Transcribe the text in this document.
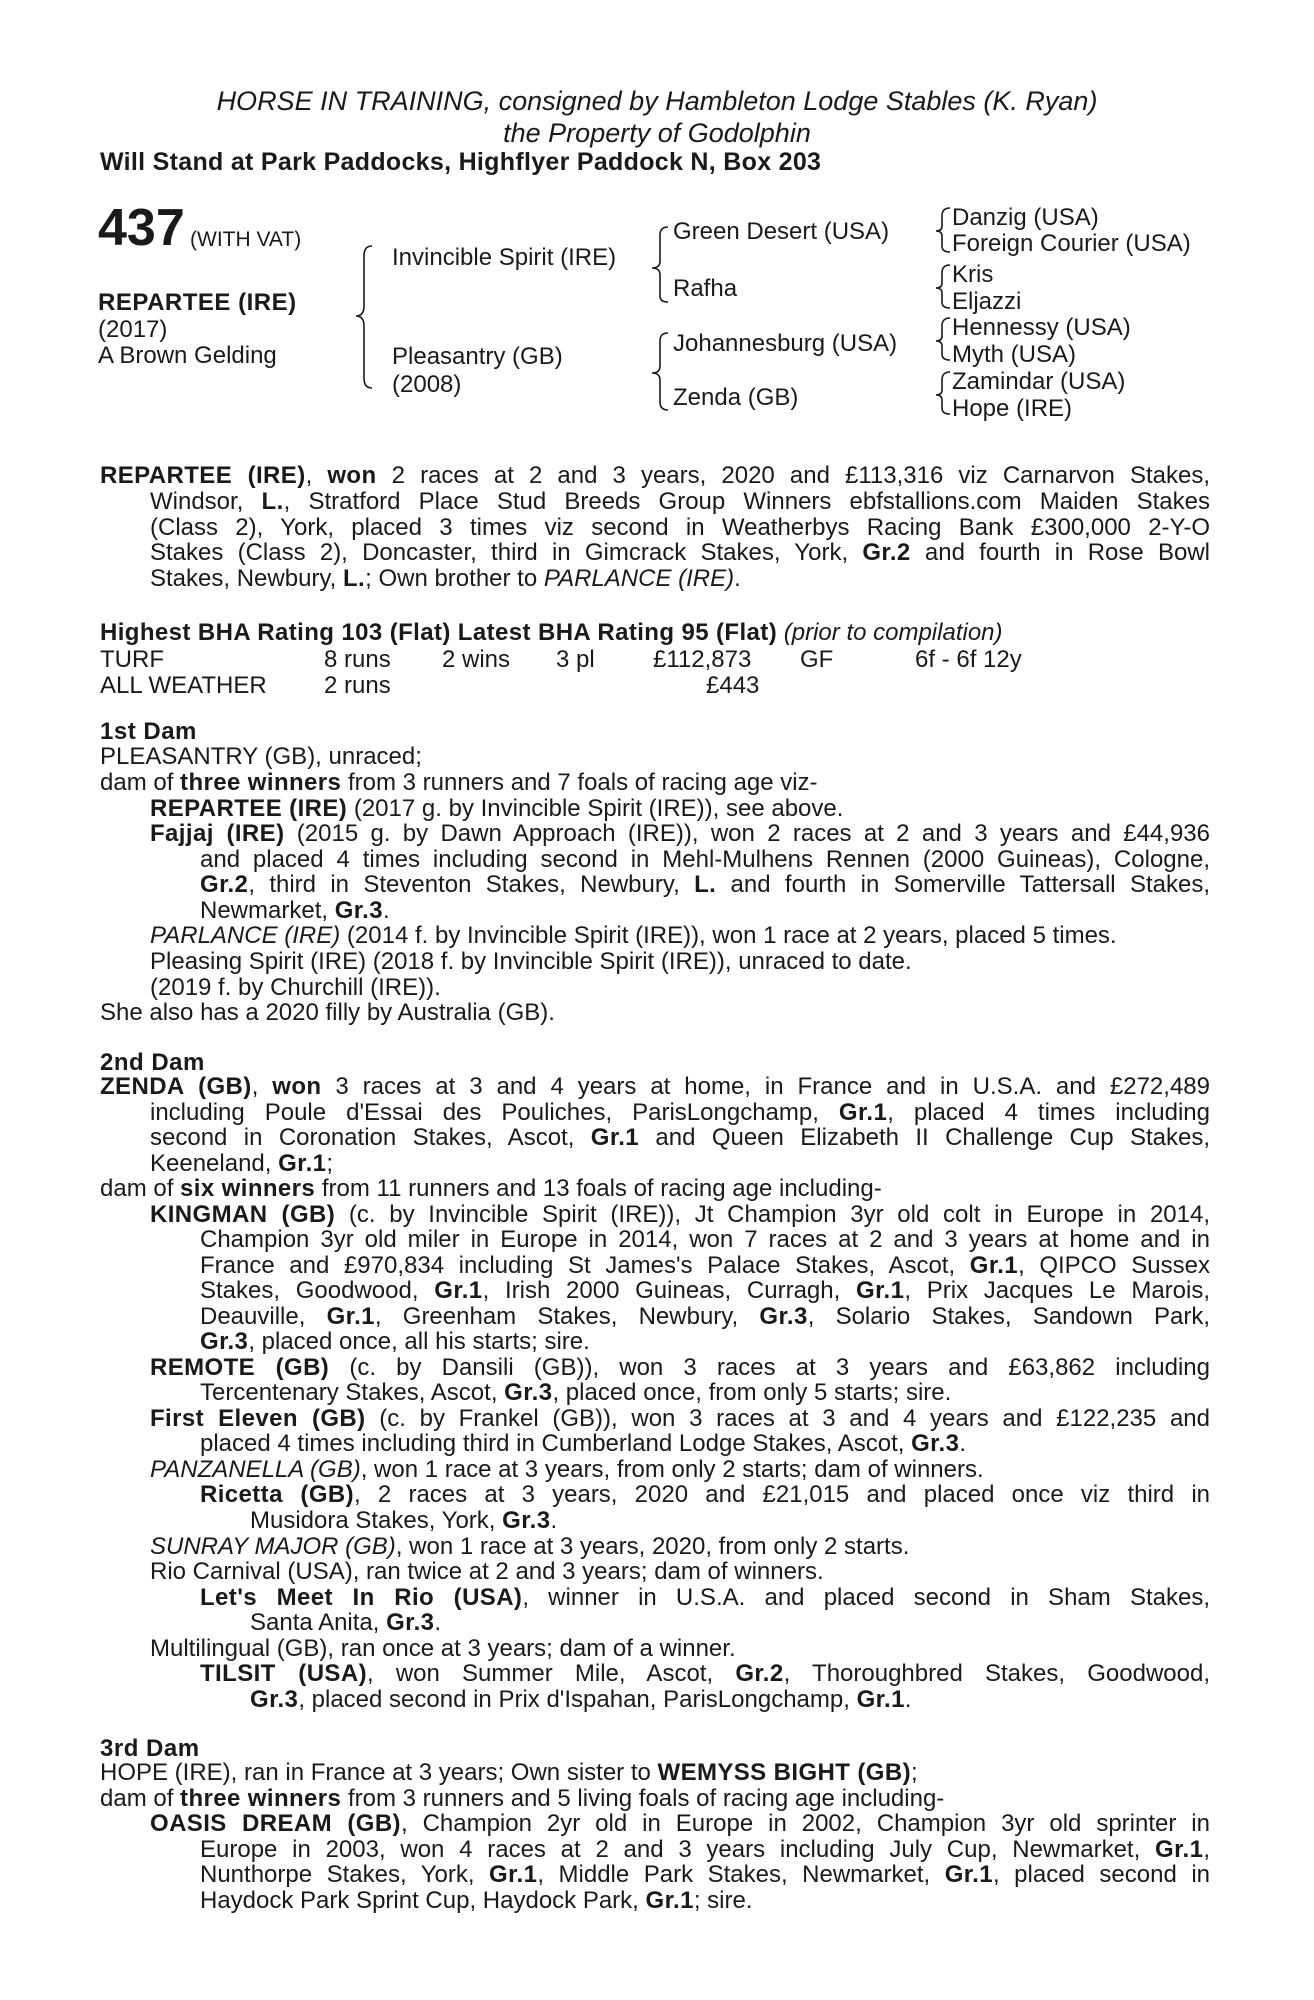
HORSE IN TRAINING, consigned by Hambleton Lodge Stables (K. Ryan)
the Property of Godolphin
Will Stand at Park Paddocks, Highflyer Paddock N, Box 203
437 (WITH VAT)
REPARTEE (IRE)
(2017)
A Brown Gelding
Invincible Spirit (IRE)
Pleasantry (GB)
(2008)
Green Desert (USA)
Rafha
Johannesburg (USA)
Zenda (GB)
Danzig (USA)
Foreign Courier (USA)
Kris
Eljazzi
Hennessy (USA)
Myth (USA)
Zamindar (USA)
Hope (IRE)
REPARTEE (IRE), won 2 races at 2 and 3 years, 2020 and £113,316 viz Carnarvon Stakes,
Windsor, L., Stratford Place Stud Breeds Group Winners ebfstallions.com Maiden Stakes
(Class 2), York, placed 3 times viz second in Weatherbys Racing Bank £300,000 2-Y-O
Stakes (Class 2), Doncaster, third in Gimcrack Stakes, York, Gr.2 and fourth in Rose Bowl
Stakes, Newbury, L.; Own brother to PARLANCE (IRE).
Highest BHA Rating 103 (Flat) Latest BHA Rating 95 (Flat) (prior to compilation)
TURF	8 runs 2 wins 3 pl £112,873 GF	6f - 6f 12y
ALL WEATHER 2 runs	£443
1st Dam
PLEASANTRY (GB), unraced;
dam of three winners from 3 runners and 7 foals of racing age viz-
REPARTEE (IRE) (2017 g. by Invincible Spirit (IRE)), see above.
Fajjaj (IRE) (2015 g. by Dawn Approach (IRE)), won 2 races at 2 and 3 years and £44,936
and placed 4 times including second in Mehl-Mulhens Rennen (2000 Guineas), Cologne,
Gr.2, third in Steventon Stakes, Newbury, L. and fourth in Somerville Tattersall Stakes,
Newmarket, Gr.3.
PARLANCE (IRE) (2014 f. by Invincible Spirit (IRE)), won 1 race at 2 years, placed 5 times.
Pleasing Spirit (IRE) (2018 f. by Invincible Spirit (IRE)), unraced to date.
(2019 f. by Churchill (IRE)).
She also has a 2020 filly by Australia (GB).
2nd Dam
ZENDA (GB), won 3 races at 3 and 4 years at home, in France and in U.S.A. and £272,489
including Poule d'Essai des Pouliches, ParisLongchamp, Gr.1, placed 4 times including
second in Coronation Stakes, Ascot, Gr.1 and Queen Elizabeth II Challenge Cup Stakes,
Keeneland, Gr.1;
dam of six winners from 11 runners and 13 foals of racing age including-
KINGMAN (GB) (c. by Invincible Spirit (IRE)), Jt Champion 3yr old colt in Europe in 2014,
Champion 3yr old miler in Europe in 2014, won 7 races at 2 and 3 years at home and in
France and £970,834 including St James's Palace Stakes, Ascot, Gr.1, QIPCO Sussex
Stakes, Goodwood, Gr.1, Irish 2000 Guineas, Curragh, Gr.1, Prix Jacques Le Marois,
Deauville, Gr.1, Greenham Stakes, Newbury, Gr.3, Solario Stakes, Sandown Park,
Gr.3, placed once, all his starts; sire.
REMOTE (GB) (c. by Dansili (GB)), won 3 races at 3 years and £63,862 including
Tercentenary Stakes, Ascot, Gr.3, placed once, from only 5 starts; sire.
First Eleven (GB) (c. by Frankel (GB)), won 3 races at 3 and 4 years and £122,235 and
placed 4 times including third in Cumberland Lodge Stakes, Ascot, Gr.3.
PANZANELLA (GB), won 1 race at 3 years, from only 2 starts; dam of winners.
Ricetta (GB), 2 races at 3 years, 2020 and £21,015 and placed once viz third in
Musidora Stakes, York, Gr.3.
SUNRAY MAJOR (GB), won 1 race at 3 years, 2020, from only 2 starts.
Rio Carnival (USA), ran twice at 2 and 3 years; dam of winners.
Let's Meet In Rio (USA), winner in U.S.A. and placed second in Sham Stakes,
Santa Anita, Gr.3.
Multilingual (GB), ran once at 3 years; dam of a winner.
TILSIT (USA), won Summer Mile, Ascot, Gr.2, Thoroughbred Stakes, Goodwood,
Gr.3, placed second in Prix d'Ispahan, ParisLongchamp, Gr.1.
3rd Dam
HOPE (IRE), ran in France at 3 years; Own sister to WEMYSS BIGHT (GB);
dam of three winners from 3 runners and 5 living foals of racing age including-
OASIS DREAM (GB), Champion 2yr old in Europe in 2002, Champion 3yr old sprinter in
Europe in 2003, won 4 races at 2 and 3 years including July Cup, Newmarket, Gr.1,
Nunthorpe Stakes, York, Gr.1, Middle Park Stakes, Newmarket, Gr.1, placed second in
Haydock Park Sprint Cup, Haydock Park, Gr.1; sire.
